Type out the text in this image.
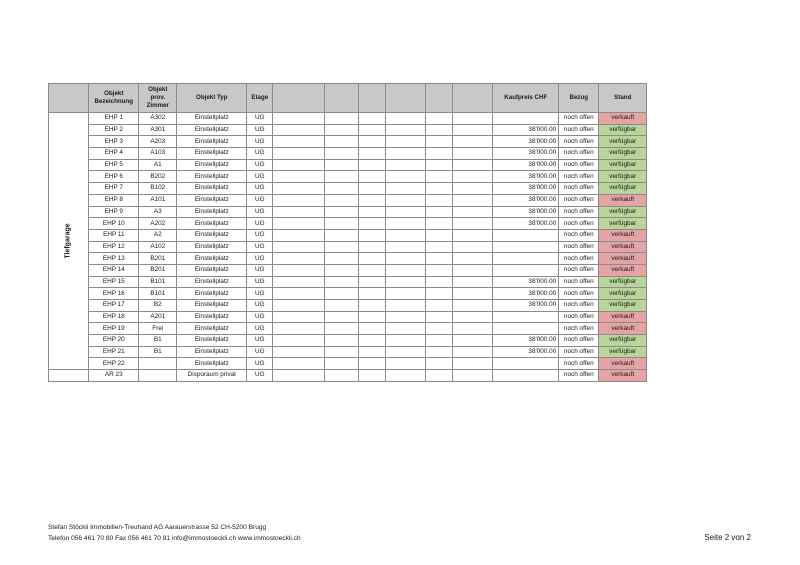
	Objekt Bezeichnung	Objekt prov. Zimmer	Objekt Typ	Etage							Kaufpreis CHF	Bezug	Stand
Tiefgarage	EHP 1	A302	Einstellplatz	UG								noch offen	verkauft
	EHP 2	A301	Einstellplatz	UG							38'000.00	noch offen	verfügbar
	EHP 3	A203	Einstellplatz	UG							38'000.00	noch offen	verfügbar
	EHP 4	A103	Einstellplatz	UG							38'000.00	noch offen	verfügbar
	EHP 5	A1	Einstellplatz	UG							38'000.00	noch offen	verfügbar
	EHP 6	B202	Einstellplatz	UG							38'000.00	noch offen	verfügbar
	EHP 7	B102	Einstellplatz	UG							38'000.00	noch offen	verfügbar
	EHP 8	A101	Einstellplatz	UG							38'000.00	noch offen	verkauft
	EHP 9	A3	Einstellplatz	UG							38'000.00	noch offen	verfügbar
	EHP 10	A202	Einstellplatz	UG							38'000.00	noch offen	verfügbar
	EHP 11	A2	Einstellplatz	UG								noch offen	verkauft
	EHP 12	A102	Einstellplatz	UG								noch offen	verkauft
	EHP 13	B201	Einstellplatz	UG								noch offen	verkauft
	EHP 14	B201	Einstellplatz	UG								noch offen	verkauft
	EHP 15	B101	Einstellplatz	UG							38'000.00	noch offen	verfügbar
	EHP 16	B101	Einstellplatz	UG							38'000.00	noch offen	verfügbar
	EHP 17	B2	Einstellplatz	UG							38'000.00	noch offen	verfügbar
	EHP 18	A201	Einstellplatz	UG								noch offen	verkauft
	EHP 19	Frei	Einstellplatz	UG								noch offen	verkauft
	EHP 20	B1	Einstellplatz	UG							38'000.00	noch offen	verfügbar
	EHP 21	B1	Einstellplatz	UG							38'000.00	noch offen	verfügbar
	EHP 22		Einstellplatz	UG								noch offen	verkauft
	AR 23		Disporaum privat	UG								noch offen	verkauft
Stefan Stöckli Immobilien-Treuhand AG Aarauerstrasse 52 CH-5200 Brugg
Telefon 056 461 70 80 Fax 056 461 70 81 info@immostoeckli.ch www.immostoeckli.ch	Seite 2 von 2
